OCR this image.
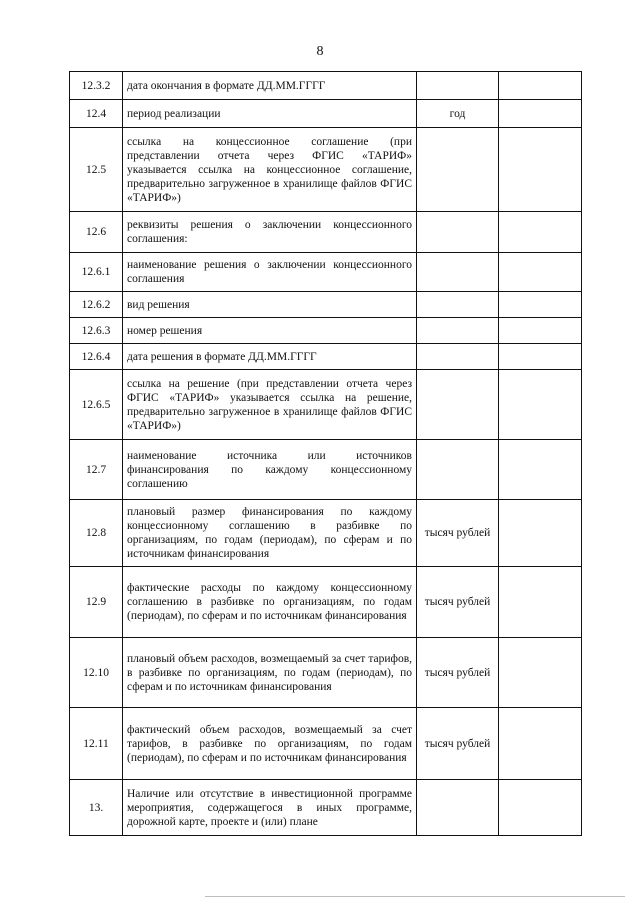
8
12.3.2	дата окончания в формате ДД.ММ.ГГГГ		
12.4	период реализации	год	
12.5	ссылка на концессионное соглашение (при представлении отчета через ФГИС «ТАРИФ» указывается ссылка на концессионное соглашение, предварительно загруженное в хранилище файлов ФГИС «ТАРИФ»)		
12.6	реквизиты решения о заключении концессионного соглашения:		
12.6.1	наименование решения о заключении концессионного соглашения		
12.6.2	вид решения		
12.6.3	номер решения		
12.6.4	дата решения в формате ДД.ММ.ГГГГ		
12.6.5	ссылка на решение (при представлении отчета через ФГИС «ТАРИФ» указывается ссылка на решение, предварительно загруженное в хранилище файлов ФГИС «ТАРИФ»)		
12.7	наименование источника или источников финансирования по каждому концессионному соглашению		
12.8	плановый размер финансирования по каждому концессионному соглашению в разбивке по организациям, по годам (периодам), по сферам и по источникам финансирования	тысяч рублей	
12.9	фактические расходы по каждому концессионному соглашению в разбивке по организациям, по годам (периодам), по сферам и по источникам финансирования	тысяч рублей	
12.10	плановый объем расходов, возмещаемый за счет тарифов, в разбивке по организациям, по годам (периодам), по сферам и по источникам финансирования	тысяч рублей	
12.11	фактический объем расходов, возмещаемый за счет тарифов, в разбивке по организациям, по годам (периодам), по сферам и по источникам финансирования	тысяч рублей	
13.	Наличие или отсутствие в инвестиционной программе мероприятия, содержащегося в иных программе, дорожной карте, проекте и (или) плане		
